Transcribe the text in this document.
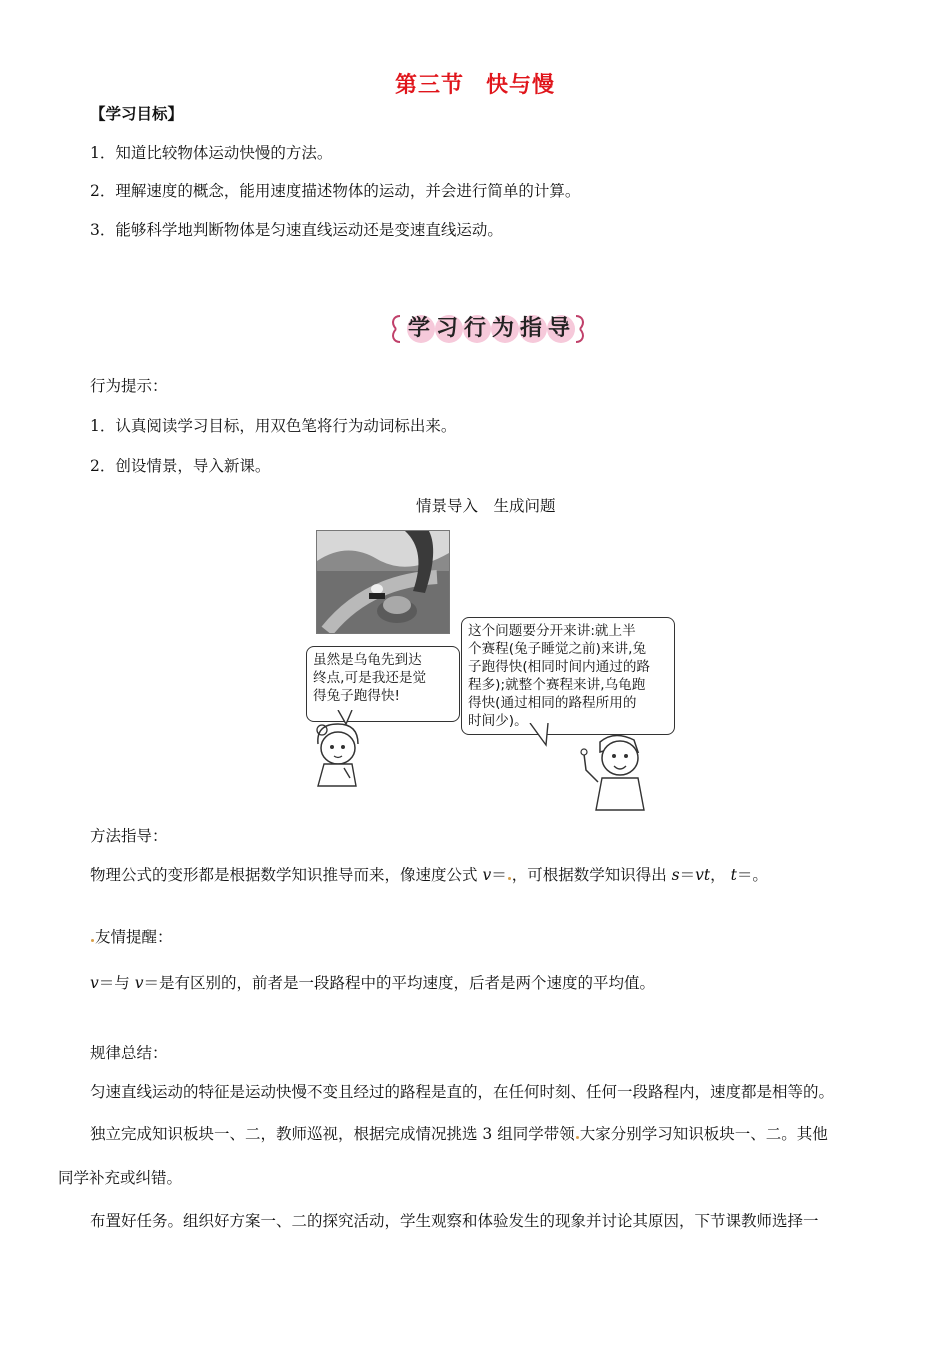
第三节 快与慢
【学习目标】
1．知道比较物体运动快慢的方法。
2．理解速度的概念，能用速度描述物体的运动，并会进行简单的计算。
3．能够科学地判断物体是匀速直线运动还是变速直线运动。
学习行为指导
行为提示：
1．认真阅读学习目标，用双色笔将行为动词标出来。
2．创设情景，导入新课。
情景导入　生成问题
虽然是乌龟先到达
终点,可是我还是觉
得兔子跑得快!
这个问题要分开来讲:就上半
个赛程(兔子睡觉之前)来讲,兔
子跑得快(相同时间内通过的路
程多);就整个赛程来讲,乌龟跑
得快(通过相同的路程所用的
时间少)。
方法指导：
物理公式的变形都是根据数学知识推导而来，像速度公式 v＝ ，可根据数学知识得出 s＝vt， t＝。
友情提醒：
v＝与 v＝是有区别的，前者是一段路程中的平均速度，后者是两个速度的平均值。
规律总结：
匀速直线运动的特征是运动快慢不变且经过的路程是直的，在任何时刻、任何一段路程内，速度都是相等的。
独立完成知识板块一、二，教师巡视，根据完成情况挑选 3 组同学带领 大家分别学习知识板块一、二。其他
同学补充或纠错。
布置好任务。组织好方案一、二的探究活动，学生观察和体验发生的现象并讨论其原因，下节课教师选择一
